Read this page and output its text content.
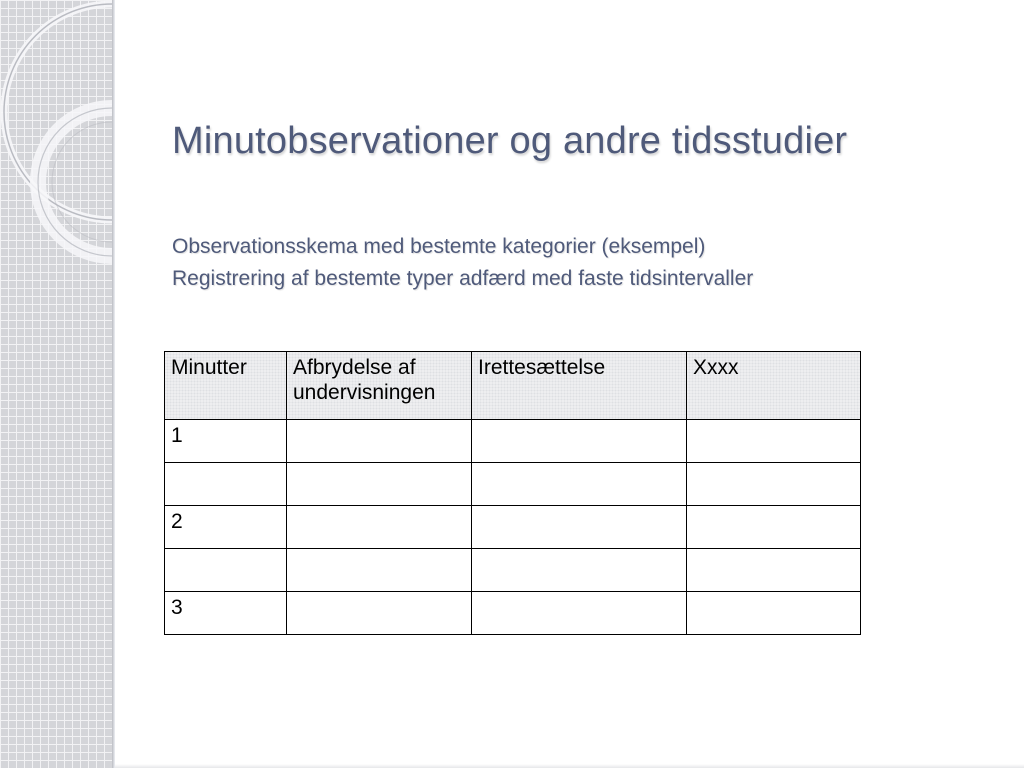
Minutobservationer og andre tidsstudier
Observationsskema med bestemte kategorier (eksempel)
Registrering af bestemte typer adfærd med faste tidsintervaller
Minutter	Afbrydelse af undervisningen	Irettesættelse	Xxxx
1			

2			

3			
